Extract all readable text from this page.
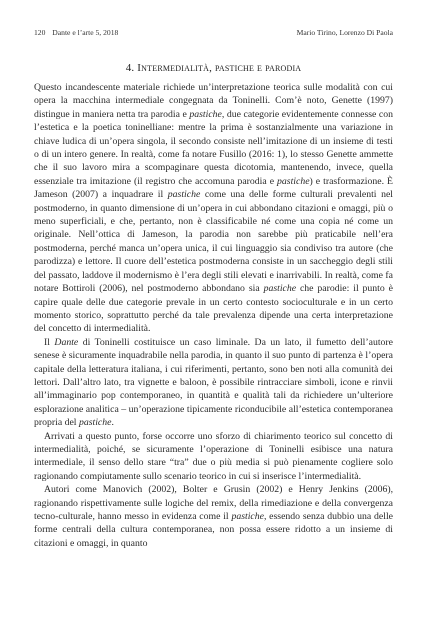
120 Dante e l’arte 5, 2018	Mario Tirino, Lorenzo Di Paola
4. Intermedialità, pastiche e parodia

Questo incandescente materiale richiede un’interpretazione teorica sulle modalità con cui opera la macchina intermediale congegnata da Toninelli. Com’è noto, Genette (1997) distingue in maniera netta tra parodia e pastiche, due categorie evidentemente connesse con l’estetica e la poetica toninelliane: mentre la prima è sostanzialmente una variazione in chiave ludica di un’opera singola, il secondo consiste nell’imitazione di un insieme di testi o di un intero genere. In realtà, come fa notare Fusillo (2016: 1), lo stesso Genette ammette che il suo lavoro mira a scompaginare questa dicotomia, mantenendo, invece, quella essenziale tra imitazione (il registro che accomuna parodia e pastiche) e trasformazione. È Jameson (2007) a inquadrare il pastiche come una delle forme culturali prevalenti nel postmoderno, in quanto dimensione di un’opera in cui abbondano citazioni e omaggi, più o meno superficiali, e che, pertanto, non è classificabile né come una copia né come un originale. Nell’ottica di Jameson, la parodia non sarebbe più praticabile nell’era postmoderna, perché manca un’opera unica, il cui linguaggio sia condiviso tra autore (che parodizza) e lettore. Il cuore dell’estetica postmoderna consiste in un saccheggio degli stili del passato, laddove il modernismo è l’era degli stili elevati e inarrivabili. In realtà, come fa notare Bottiroli (2006), nel postmoderno abbondano sia pastiche che parodie: il punto è capire quale delle due categorie prevale in un certo contesto socioculturale e in un certo momento storico, soprattutto perché da tale prevalenza dipende una certa interpretazione del concetto di intermedialità.

Il Dante di Toninelli costituisce un caso liminale. Da un lato, il fumetto dell’autore senese è sicuramente inquadrabile nella parodia, in quanto il suo punto di partenza è l’opera capitale della letteratura italiana, i cui riferimenti, pertanto, sono ben noti alla comunità dei lettori. Dall’altro lato, tra vignette e baloon, è possibile rintracciare simboli, icone e rinvii all’immaginario pop contemporaneo, in quantità e qualità tali da richiedere un’ulteriore esplorazione analitica – un’operazione tipicamente riconducibile all’estetica contemporanea propria del pastiche.

Arrivati a questo punto, forse occorre uno sforzo di chiarimento teorico sul concetto di intermedialità, poiché, se sicuramente l’operazione di Toninelli esibisce una natura intermediale, il senso dello stare “tra” due o più media si può pienamente cogliere solo ragionando compiutamente sullo scenario teorico in cui si inserisce l’intermedialità.

Autori come Manovich (2002), Bolter e Grusin (2002) e Henry Jenkins (2006), ragionando rispettivamente sulle logiche del remix, della rimediazione e della convergenza tecno-culturale, hanno messo in evidenza come il pastiche, essendo senza dubbio una delle forme centrali della cultura contemporanea, non possa essere ridotto a un insieme di citazioni e omaggi, in quanto
